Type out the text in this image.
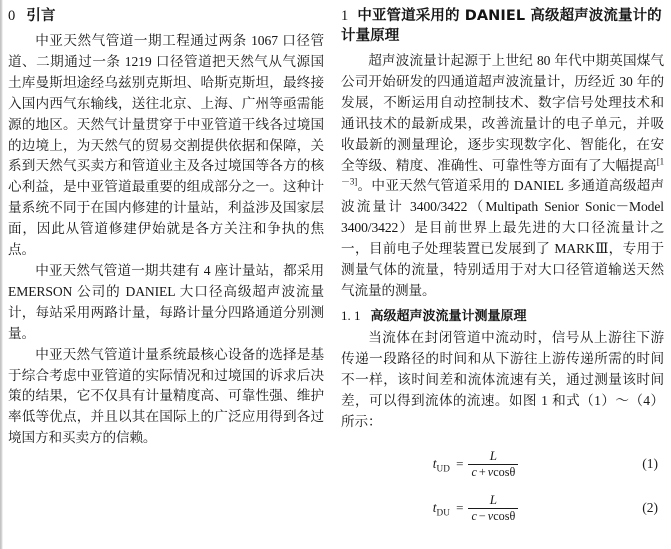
0 引言

中亚天然气管道一期工程通过两条 1067 口径管道、二期通过一条 1219 口径管道把天然气从气源国土库曼斯坦途经乌兹别克斯坦、哈斯克斯坦，最终接入国内西气东输线，送往北京、上海、广州等亟需能源的地区。天然气计量贯穿于中亚管道干线各过境国的边境上，为天然气的贸易交割提供依据和保障，关系到天然气买卖方和管道业主及各过境国等各方的核心利益，是中亚管道最重要的组成部分之一。这种计量系统不同于在国内修建的计量站，利益涉及国家层面，因此从管道修建伊始就是各方关注和争执的焦点。

中亚天然气管道一期共建有 4 座计量站，都采用 EMERSON 公司的 DANIEL 大口径高级超声波流量计，每站采用两路计量，每路计量分四路通道分别测量。

中亚天然气管道计量系统最核心设备的选择是基于综合考虑中亚管道的实际情况和过境国的诉求后决策的结果，它不仅具有计量精度高、可靠性强、维护率低等优点，并且以其在国际上的广泛应用得到各过境国方和买卖方的信赖。

1 中亚管道采用的 DANIEL 高级超声波流量计的计量原理

超声波流量计起源于上世纪 80 年代中期英国煤气公司开始研发的四通道超声波流量计，历经近 30 年的发展，不断运用自动控制技术、数字信号处理技术和通讯技术的最新成果，改善流量计的电子单元，并吸收最新的测量理论，逐步实现数字化、智能化，在安全等级、精度、准确性、可靠性等方面有了大幅提高[1－3]。中亚天然气管道采用的 DANIEL 多通道高级超声波流量计 3400/3422（Multipath Senior Sonic－Model 3400/3422）是目前世界上最先进的大口径流量计之一，目前电子处理装置已发展到了 MARKⅢ，专用于测量气体的流量，特别适用于对大口径管道输送天然气流量的测量。

1. 1 高级超声波流量计测量原理

当流体在封闭管道中流动时，信号从上游往下游传递一段路径的时间和从下游往上游传递所需的时间不一样，该时间差和流体流速有关，通过测量该时间差，可以得到流体的流速。如图 1 和式（1）～（4）所示：

$t_{UD} = \frac{L}{c + vcos\theta}$	(1)
$t_{DU} = \frac{L}{c - vcos\theta}$	(2)
